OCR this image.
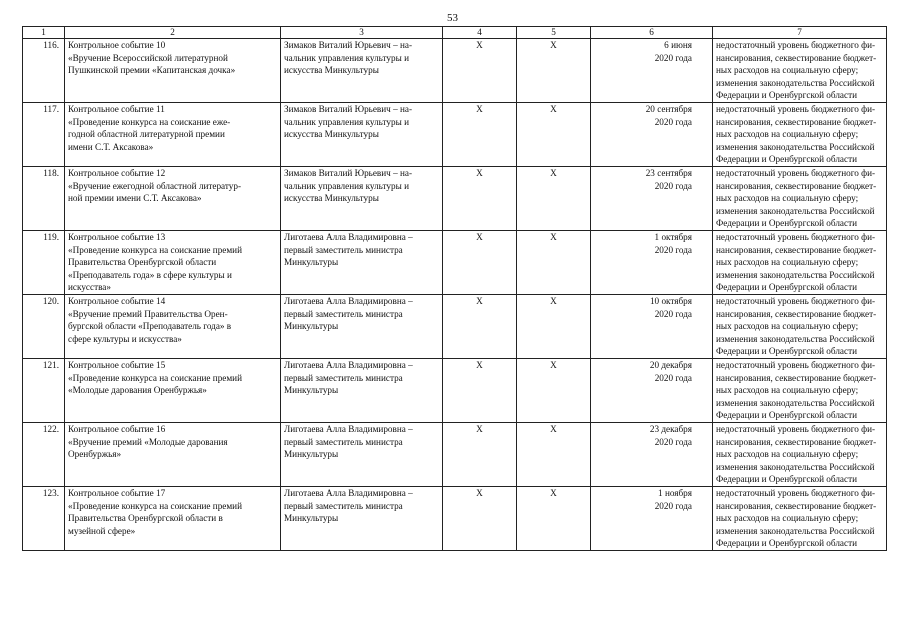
53
1	2	3	4	5	6	7
116.	Контрольное событие 10
«Вручение Всероссийской литературной
Пушкинской премии «Капитанская дочка»	Зимаков Виталий Юрьевич – на-
чальник управления культуры и
искусства Минкультуры	Х	Х	6 июня
2020 года	недостаточный уровень бюджетного фи-
нансирования, секвестирование бюджет-
ных расходов на социальную сферу;
изменения законодательства Российской
Федерации и Оренбургской области

117.	Контрольное событие 11
«Проведение конкурса на соискание еже-
годной областной литературной премии
имени С.Т. Аксакова»	Зимаков Виталий Юрьевич – на-
чальник управления культуры и
искусства Минкультуры	Х	Х	20 сентября
2020 года	недостаточный уровень бюджетного фи-
нансирования, секвестирование бюджет-
ных расходов на социальную сферу;
изменения законодательства Российской
Федерации и Оренбургской области

118.	Контрольное событие 12
«Вручение ежегодной областной литератур-
ной премии имени С.Т. Аксакова»	Зимаков Виталий Юрьевич – на-
чальник управления культуры и
искусства Минкультуры	Х	Х	23 сентября
2020 года	недостаточный уровень бюджетного фи-
нансирования, секвестирование бюджет-
ных расходов на социальную сферу;
изменения законодательства Российской
Федерации и Оренбургской области

119.	Контрольное событие 13
«Проведение конкурса на соискание премий
Правительства Оренбургской области
«Преподаватель года» в сфере культуры и
искусства»	Лиготаева Алла Владимировна –
первый заместитель министра
Минкультуры	Х	Х	1 октября
2020 года	недостаточный уровень бюджетного фи-
нансирования, секвестирование бюджет-
ных расходов на социальную сферу;
изменения законодательства Российской
Федерации и Оренбургской области

120.	Контрольное событие 14
«Вручение премий Правительства Орен-
бургской области «Преподаватель года» в
сфере культуры и искусства»	Лиготаева Алла Владимировна –
первый заместитель министра
Минкультуры	Х	Х	10 октября
2020 года	недостаточный уровень бюджетного фи-
нансирования, секвестирование бюджет-
ных расходов на социальную сферу;
изменения законодательства Российской
Федерации и Оренбургской области

121.	Контрольное событие 15
«Проведение конкурса на соискание премий
«Молодые дарования Оренбуржья»	Лиготаева Алла Владимировна –
первый заместитель министра
Минкультуры	Х	Х	20 декабря
2020 года	недостаточный уровень бюджетного фи-
нансирования, секвестирование бюджет-
ных расходов на социальную сферу;
изменения законодательства Российской
Федерации и Оренбургской области

122.	Контрольное событие 16
«Вручение премий «Молодые дарования
Оренбуржья»	Лиготаева Алла Владимировна –
первый заместитель министра
Минкультуры	Х	Х	23 декабря
2020 года	недостаточный уровень бюджетного фи-
нансирования, секвестирование бюджет-
ных расходов на социальную сферу;
изменения законодательства Российской
Федерации и Оренбургской области

123.	Контрольное событие 17
«Проведение конкурса на соискание премий
Правительства Оренбургской области в
музейной сфере»	Лиготаева Алла Владимировна –
первый заместитель министра
Минкультуры	Х	Х	1 ноября
2020 года	недостаточный уровень бюджетного фи-
нансирования, секвестирование бюджет-
ных расходов на социальную сферу;
изменения законодательства Российской
Федерации и Оренбургской области
